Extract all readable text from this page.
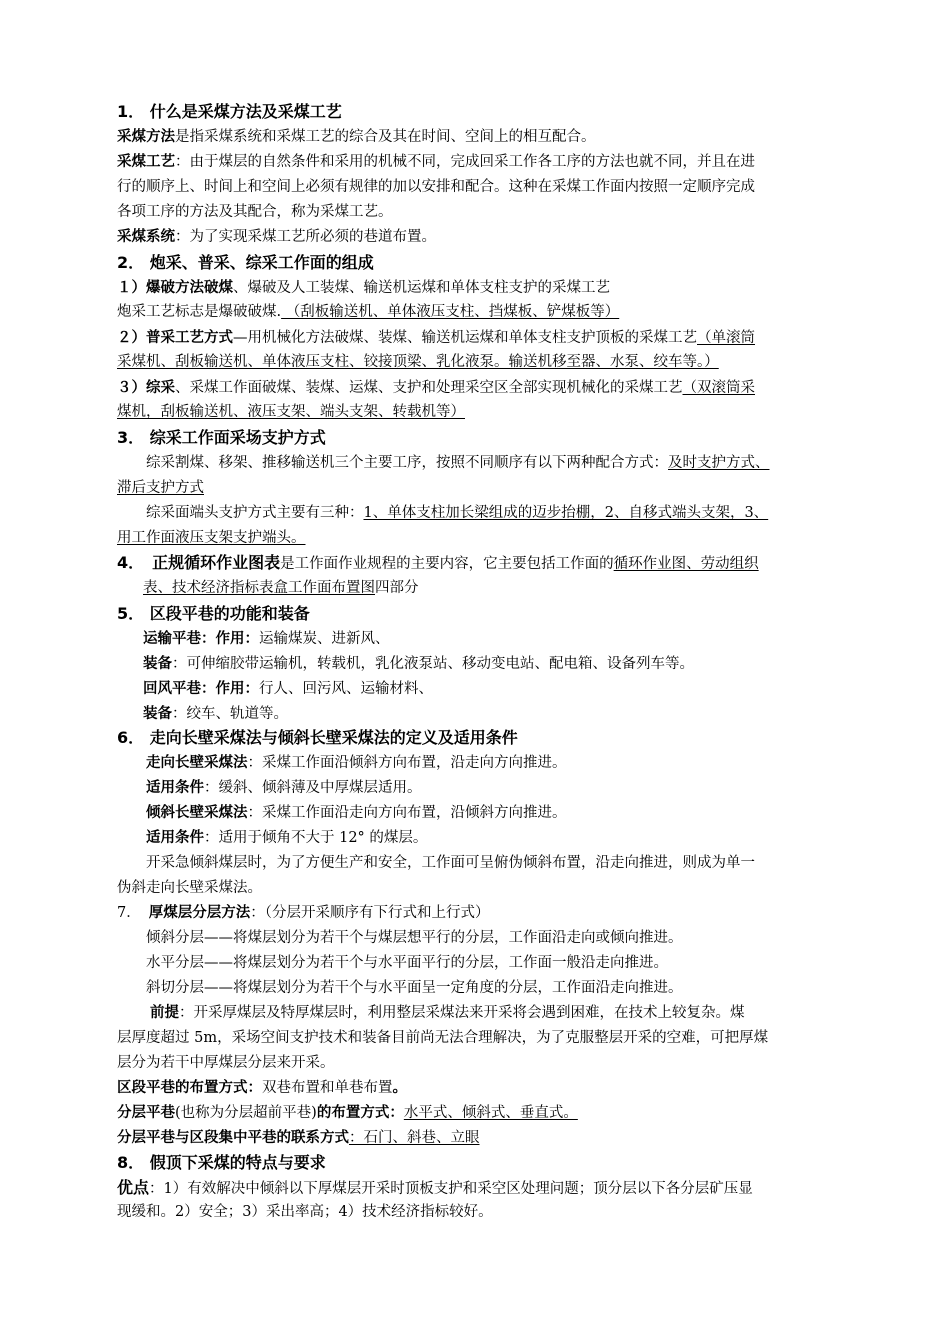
1． 什么是采煤方法及采煤工艺
采煤方法是指采煤系统和采煤工艺的综合及其在时间、空间上的相互配合。
采煤工艺：由于煤层的自然条件和采用的机械不同，完成回采工作各工序的方法也就不同，并且在进
行的顺序上、时间上和空间上必须有规律的加以安排和配合。这种在采煤工作面内按照一定顺序完成
各项工序的方法及其配合，称为采煤工艺。
采煤系统：为了实现采煤工艺所必须的巷道布置。
2． 炮采、普采、综采工作面的组成
１）爆破方法破煤、爆破及人工装煤、输送机运煤和单体支柱支护的采煤工艺
炮采工艺标志是爆破破煤. （刮板输送机、单体液压支柱、挡煤板、铲煤板等）
２）普采工艺方式—用机械化方法破煤、装煤、输送机运煤和单体支柱支护顶板的采煤工艺（单滚筒
采煤机、刮板输送机、单体液压支柱、铰接顶梁、乳化液泵。输送机移至器、水泵、绞车等。）
３）综采、采煤工作面破煤、装煤、运煤、支护和处理采空区全部实现机械化的采煤工艺（双滚筒采
煤机，刮板输送机、液压支架、端头支架、转载机等）
3． 综采工作面采场支护方式
综采割煤、移架、推移输送机三个主要工序，按照不同顺序有以下两种配合方式：及时支护方式、
滞后支护方式
综采面端头支护方式主要有三种：1、单体支柱加长梁组成的迈步抬棚，2、自移式端头支架，3、
用工作面液压支架支护端头。
4． 正规循环作业图表是工作面作业规程的主要内容，它主要包括工作面的循环作业图、劳动组织
表、技术经济指标表盒工作面布置图四部分
5． 区段平巷的功能和装备
运输平巷：作用：运输煤炭、进新风、
装备：可伸缩胶带运输机，转载机，乳化液泵站、移动变电站、配电箱、设备列车等。
回风平巷：作用：行人、回污风、运输材料、
装备：绞车、轨道等。
6． 走向长壁采煤法与倾斜长壁采煤法的定义及适用条件
走向长壁采煤法：采煤工作面沿倾斜方向布置，沿走向方向推进。
适用条件：缓斜、倾斜薄及中厚煤层适用。
倾斜长壁采煤法：采煤工作面沿走向方向布置，沿倾斜方向推进。
适用条件：适用于倾角不大于 12° 的煤层。
开采急倾斜煤层时，为了方便生产和安全，工作面可呈俯伪倾斜布置，沿走向推进，则成为单一
伪斜走向长壁采煤法。
7． 厚煤层分层方法：（分层开采顺序有下行式和上行式）
倾斜分层——将煤层划分为若干个与煤层想平行的分层，工作面沿走向或倾向推进。
水平分层——将煤层划分为若干个与水平面平行的分层，工作面一般沿走向推进。
斜切分层——将煤层划分为若干个与水平面呈一定角度的分层，工作面沿走向推进。
前提：开采厚煤层及特厚煤层时，利用整层采煤法来开采将会遇到困难，在技术上较复杂。煤
层厚度超过 5m，采场空间支护技术和装备目前尚无法合理解决，为了克服整层开采的空难，可把厚煤
层分为若干中厚煤层分层来开采。
区段平巷的布置方式：双巷布置和单巷布置。
分层平巷(也称为分层超前平巷)的布置方式：水平式、倾斜式、垂直式。
分层平巷与区段集中平巷的联系方式：石门、斜巷、立眼
8． 假顶下采煤的特点与要求
优点：1）有效解决中倾斜以下厚煤层开采时顶板支护和采空区处理问题；顶分层以下各分层矿压显
现缓和。2）安全；3）采出率高；4）技术经济指标较好。
